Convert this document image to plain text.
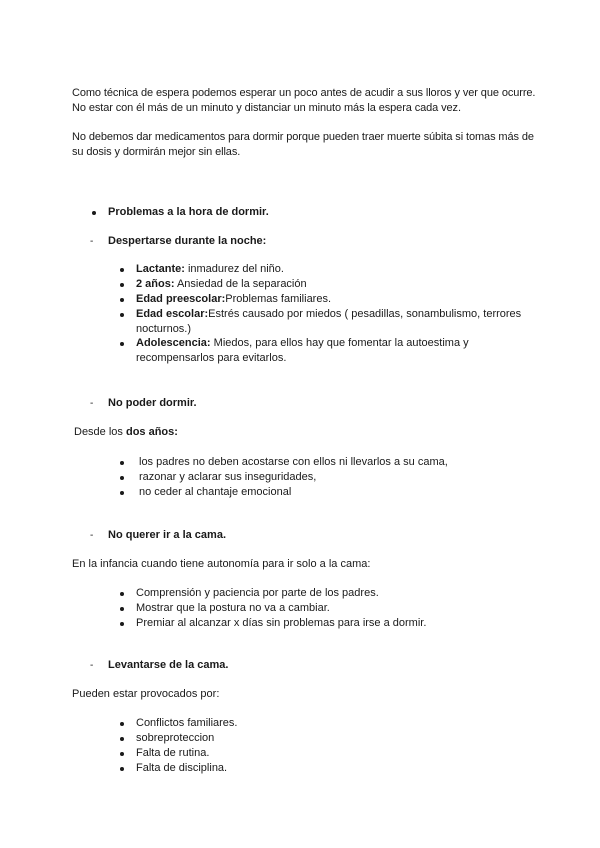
Como técnica de espera podemos esperar un poco antes de acudir a sus lloros y ver que ocurre. No estar con él más de un minuto y distanciar un minuto más la espera cada vez.

No debemos dar medicamentos para dormir porque pueden traer muerte súbita si tomas más de su dosis y dormirán mejor sin ellas.

Problemas a la hora de dormir.
- Despertarse durante la noche:
Lactante: inmadurez del niño.
2 años: Ansiedad de la separación
Edad preescolar:Problemas familiares.
Edad escolar:Estrés causado por miedos ( pesadillas, sonambulismo, terrores nocturnos.)
Adolescencia: Miedos, para ellos hay que fomentar la autoestima y recompensarlos para evitarlos.
- No poder dormir.
Desde los dos años:
los padres no deben acostarse con ellos ni llevarlos a su cama,
razonar y aclarar sus inseguridades,
no ceder al chantaje emocional
- No querer ir a la cama.
En la infancia cuando tiene autonomía para ir solo a la cama:
Comprensión y paciencia por parte de los padres.
Mostrar que la postura no va a cambiar.
Premiar al alcanzar x días sin problemas para irse a dormir.
- Levantarse de la cama.
Pueden estar provocados por:
Conflictos familiares.
sobreproteccion
Falta de rutina.
Falta de disciplina.
